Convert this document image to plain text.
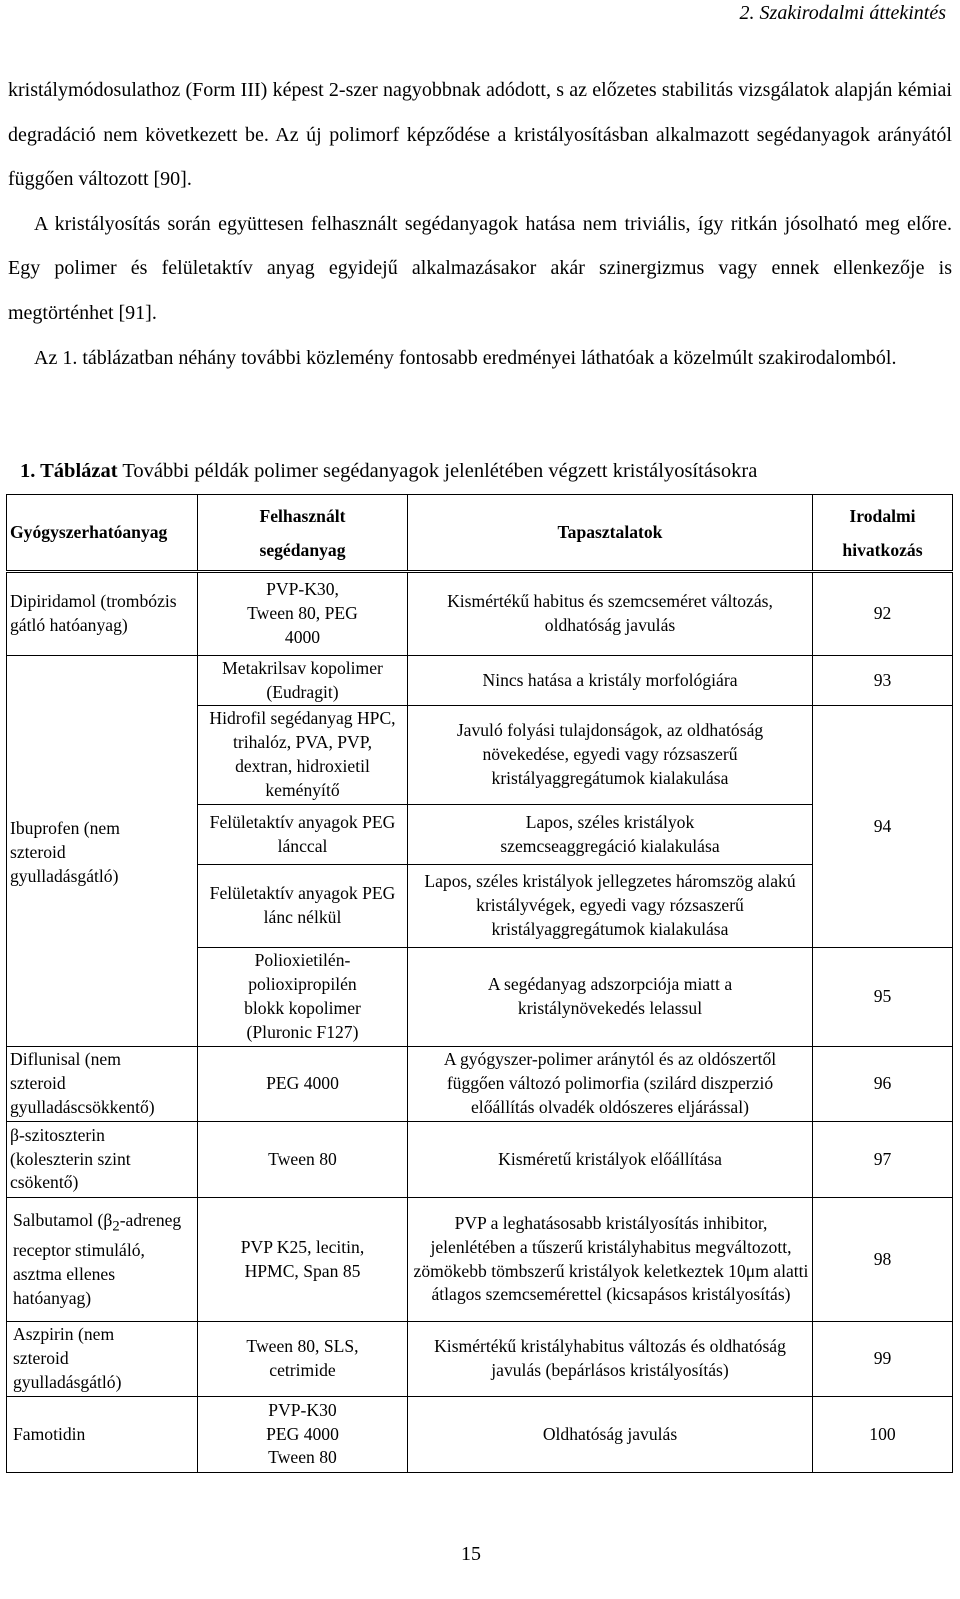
2. Szakirodalmi áttekintés

kristálymódosulathoz (Form III) képest 2-szer nagyobbnak adódott, s az előzetes stabilitás vizsgálatok alapján kémiai degradáció nem következett be. Az új polimorf képződése a kristályosításban alkalmazott segédanyagok arányától függően változott [90].

A kristályosítás során együttesen felhasznált segédanyagok hatása nem triviális, így ritkán jósolható meg előre. Egy polimer és felületaktív anyag egyidejű alkalmazásakor akár szinergizmus vagy ennek ellenkezője is megtörténhet [91].

Az 1. táblázatban néhány további közlemény fontosabb eredményei láthatóak a közelmúlt szakirodalomból.

1. Táblázat További példák polimer segédanyagok jelenlétében végzett kristályosításokra
Gyógyszerhatóanyag	Felhasznált segédanyag	Tapasztalatok	Irodalmi hivatkozás

Dipiridamol (trombózis gátló hatóanyag)	PVP-K30, Tween 80, PEG 4000	Kismértékű habitus és szemcseméret változás, oldhatóság javulás	92

Ibuprofen (nem szteroid gyulladásgátló)	Metakrilsav kopolimer (Eudragit)	Nincs hatása a kristály morfológiára	93

	Hidrofil segédanyag HPC, trihalóz, PVA, PVP, dextran, hidroxietil keményítő	Javuló folyási tulajdonságok, az oldhatóság növekedése, egyedi vagy rózsaszerű kristályaggregátumok kialakulása	94

	Felületaktív anyagok PEG lánccal	Lapos, széles kristályok szemcseaggregáció kialakulása	

	Felületaktív anyagok PEG lánc nélkül	Lapos, széles kristályok jellegzetes háromszög alakú kristályvégek, egyedi vagy rózsaszerű kristályaggregátumok kialakulása	

	Polioxietilén-polioxipropilén blokk kopolimer (Pluronic F127)	A segédanyag adszorpciója miatt a kristálynövekedés lelassul	95

Diflunisal (nem szteroid gyulladáscsökkentő)	PEG 4000	A gyógyszer-polimer aránytól és az oldószertől függően változó polimorfia (szilárd diszperzió előállítás olvadék oldószeres eljárással)	96

β-szitoszterin (koleszterin szint csökentő)	Tween 80	Kisméretű kristályok előállítása	97

Salbutamol ($\beta_2$-adreneg receptor stimuláló, asztma ellenes hatóanyag)	PVP K25, lecitin, HPMC, Span 85	PVP a leghatásosabb kristályosítás inhibitor, jelenlétében a tűszerű kristályhabitus megváltozott, zömökebb tömbszerű kristályok keletkeztek 10μm alatti átlagos szemcsemérettel (kicsapásos kristályosítás)	98

Aszpirin (nem szteroid gyulladásgátló)	Tween 80, SLS, cetrimide	Kismértékű kristályhabitus változás és oldhatóság javulás (bepárlásos kristályosítás)	99

Famotidin	PVP-K30 PEG 4000 Tween 80	Oldhatóság javulás	100
15
